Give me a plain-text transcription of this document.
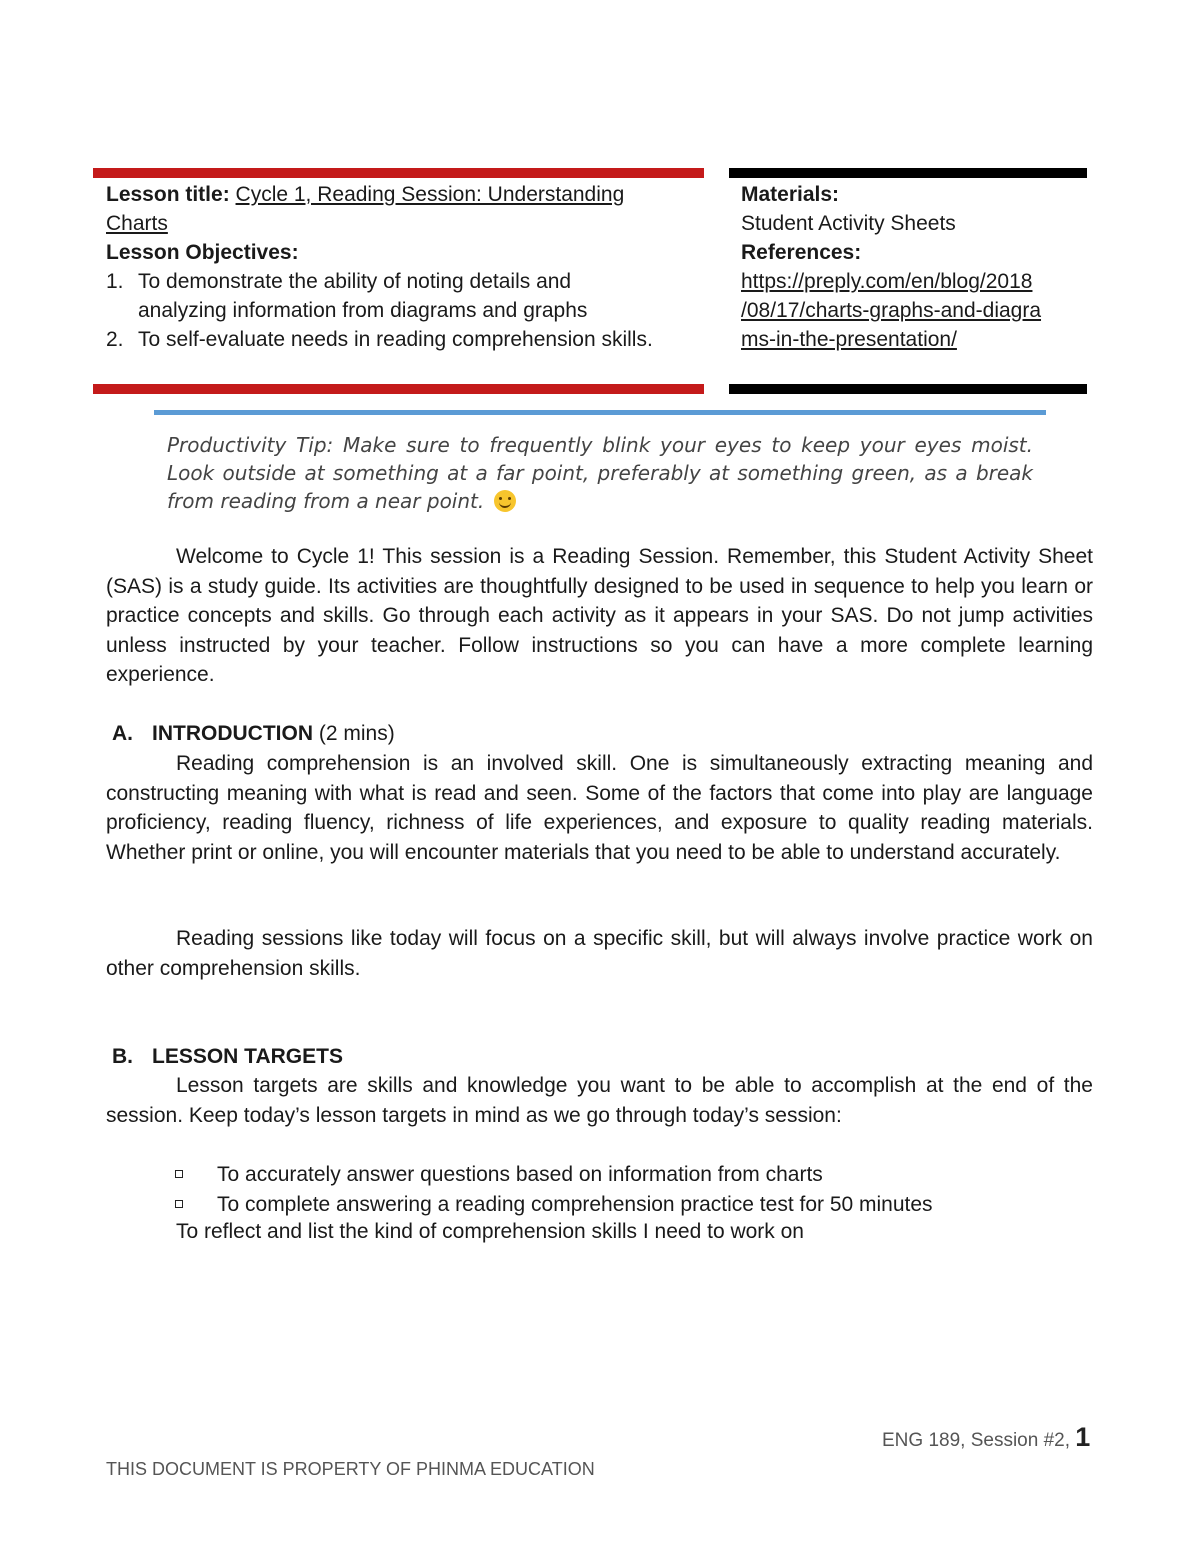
Lesson title: Cycle 1, Reading Session: Understanding
Charts
Lesson Objectives:
1. To demonstrate the ability of noting details and
analyzing information from diagrams and graphs
2. To self-evaluate needs in reading comprehension skills.
Materials:
Student Activity Sheets
References:
https://preply.com/en/blog/2018
/08/17/charts-graphs-and-diagra
ms-in-the-presentation/
Productivity Tip: Make sure to frequently blink your eyes to keep your eyes moist. Look outside at something at a far point, preferably at something green, as a break from reading from a near point.

Welcome to Cycle 1! This session is a Reading Session. Remember, this Student Activity Sheet (SAS) is a study guide. Its activities are thoughtfully designed to be used in sequence to help you learn or practice concepts and skills. Go through each activity as it appears in your SAS. Do not jump activities unless instructed by your teacher. Follow instructions so you can have a more complete learning experience.

A. INTRODUCTION (2 mins)

Reading comprehension is an involved skill. One is simultaneously extracting meaning and constructing meaning with what is read and seen. Some of the factors that come into play are language proficiency, reading fluency, richness of life experiences, and exposure to quality reading materials. Whether print or online, you will encounter materials that you need to be able to understand accurately.

Reading sessions like today will focus on a specific skill, but will always involve practice work on other comprehension skills.

B. LESSON TARGETS

Lesson targets are skills and knowledge you want to be able to accomplish at the end of the session. Keep today’s lesson targets in mind as we go through today’s session:

To accurately answer questions based on information from charts
To complete answering a reading comprehension practice test for 50 minutes
To reflect and list the kind of comprehension skills I need to work on
ENG 189, Session #2, 1
THIS DOCUMENT IS PROPERTY OF PHINMA EDUCATION
